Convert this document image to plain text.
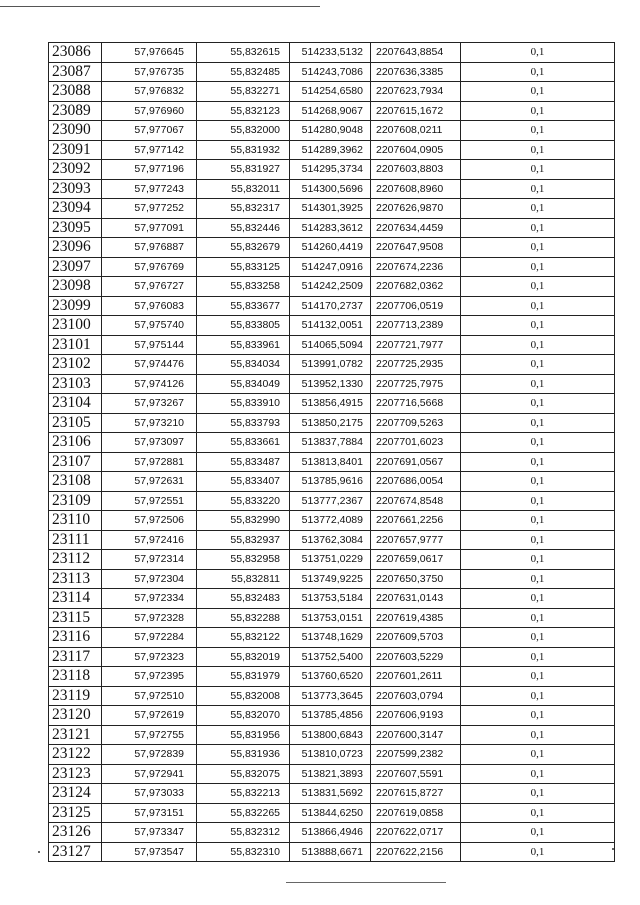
23086	57,976645	55,832615	514233,5132	2207643,8854	0,1
23087	57,976735	55,832485	514243,7086	2207636,3385	0,1
23088	57,976832	55,832271	514254,6580	2207623,7934	0,1
23089	57,976960	55,832123	514268,9067	2207615,1672	0,1
23090	57,977067	55,832000	514280,9048	2207608,0211	0,1
23091	57,977142	55,831932	514289,3962	2207604,0905	0,1
23092	57,977196	55,831927	514295,3734	2207603,8803	0,1
23093	57,977243	55,832011	514300,5696	2207608,8960	0,1
23094	57,977252	55,832317	514301,3925	2207626,9870	0,1
23095	57,977091	55,832446	514283,3612	2207634,4459	0,1
23096	57,976887	55,832679	514260,4419	2207647,9508	0,1
23097	57,976769	55,833125	514247,0916	2207674,2236	0,1
23098	57,976727	55,833258	514242,2509	2207682,0362	0,1
23099	57,976083	55,833677	514170,2737	2207706,0519	0,1
23100	57,975740	55,833805	514132,0051	2207713,2389	0,1
23101	57,975144	55,833961	514065,5094	2207721,7977	0,1
23102	57,974476	55,834034	513991,0782	2207725,2935	0,1
23103	57,974126	55,834049	513952,1330	2207725,7975	0,1
23104	57,973267	55,833910	513856,4915	2207716,5668	0,1
23105	57,973210	55,833793	513850,2175	2207709,5263	0,1
23106	57,973097	55,833661	513837,7884	2207701,6023	0,1
23107	57,972881	55,833487	513813,8401	2207691,0567	0,1
23108	57,972631	55,833407	513785,9616	2207686,0054	0,1
23109	57,972551	55,833220	513777,2367	2207674,8548	0,1
23110	57,972506	55,832990	513772,4089	2207661,2256	0,1
23111	57,972416	55,832937	513762,3084	2207657,9777	0,1
23112	57,972314	55,832958	513751,0229	2207659,0617	0,1
23113	57,972304	55,832811	513749,9225	2207650,3750	0,1
23114	57,972334	55,832483	513753,5184	2207631,0143	0,1
23115	57,972328	55,832288	513753,0151	2207619,4385	0,1
23116	57,972284	55,832122	513748,1629	2207609,5703	0,1
23117	57,972323	55,832019	513752,5400	2207603,5229	0,1
23118	57,972395	55,831979	513760,6520	2207601,2611	0,1
23119	57,972510	55,832008	513773,3645	2207603,0794	0,1
23120	57,972619	55,832070	513785,4856	2207606,9193	0,1
23121	57,972755	55,831956	513800,6843	2207600,3147	0,1
23122	57,972839	55,831936	513810,0723	2207599,2382	0,1
23123	57,972941	55,832075	513821,3893	2207607,5591	0,1
23124	57,973033	55,832213	513831,5692	2207615,8727	0,1
23125	57,973151	55,832265	513844,6250	2207619,0858	0,1
23126	57,973347	55,832312	513866,4946	2207622,0717	0,1
23127	57,973547	55,832310	513888,6671	2207622,2156	0,1
